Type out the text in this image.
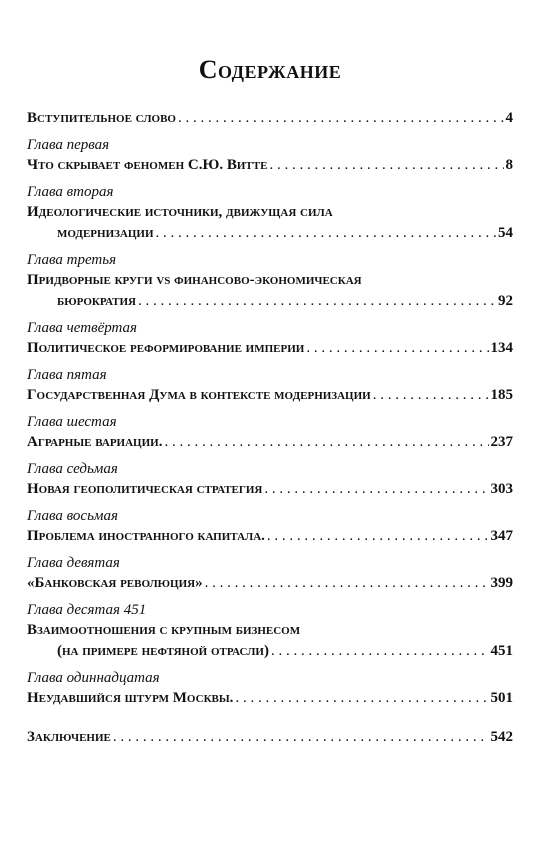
Содержание
Вступительное слово . . .	4
Глава первая
Что скрывает феномен С.Ю. Витте . . .	8
Глава вторая
Идеологические источники, движущая сила
модернизации . . .	54
Глава третья
Придворные круги vs финансово-экономическая
бюрократия . . .	92
Глава четвёртая
Политическое реформирование империи . . .	134
Глава пятая
Государственная Дума в контексте модернизации . . .	185
Глава шестая
Аграрные вариации. . . .	237
Глава седьмая
Новая геополитическая стратегия . . .	303
Глава восьмая
Проблема иностранного капитала. . . .	347
Глава девятая
«Банковская революция» . . .	399
Глава десятая 451
Взаимоотношения с крупным бизнесом
(на примере нефтяной отрасли) . . .	451
Глава одиннадцатая
Неудавшийся штурм Москвы. . . .	501
Заключение . . .	542
